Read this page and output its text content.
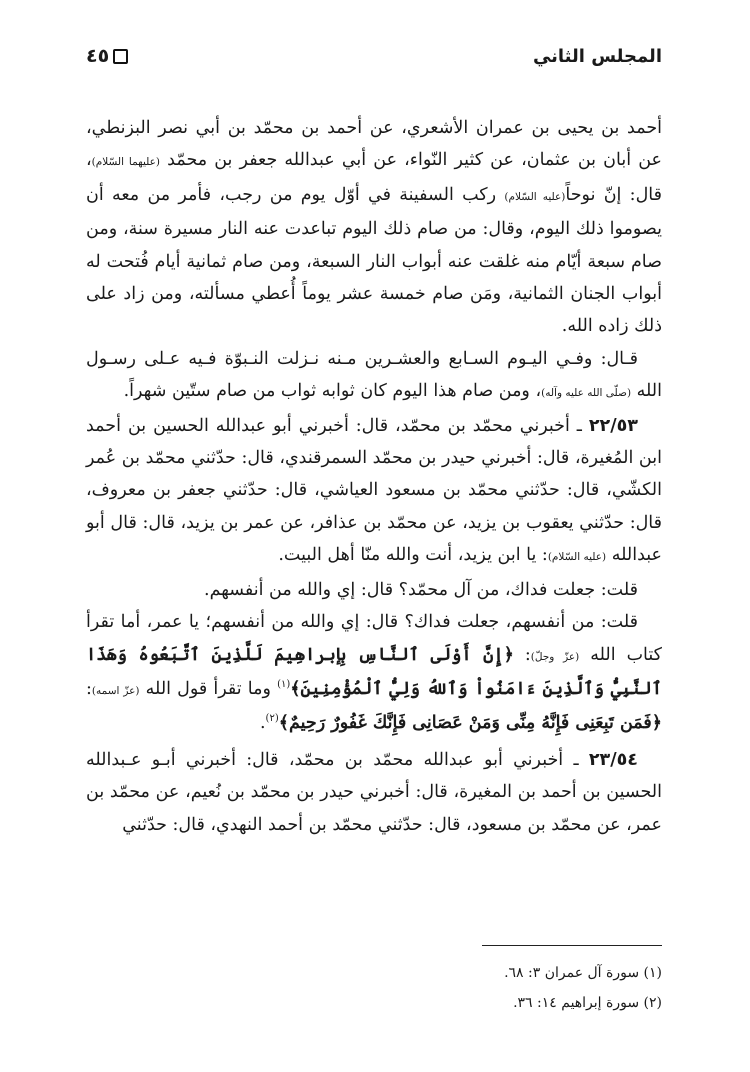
المجلس الثاني
٤٥

أحمد بن يحيى بن عمران الأشعري، عن أحمد بن محمّد بن أبي نصر البزنطي، عن أبان بن عثمان، عن كثير النّواء، عن أبي عبدالله جعفر بن محمّد (عليهما السّلام)، قال: إنّ نوحاً(عليه السّلام) ركب السفينة في أوّل يوم من رجب، فأمر من معه أن يصوموا ذلك اليوم، وقال: من صام ذلك اليوم تباعدت عنه النار مسيرة سنة، ومن صام سبعة أيّام منه غلقت عنه أبواب النار السبعة، ومن صام ثمانية أيام فُتحت له أبواب الجنان الثمانية، ومَن صام خمسة عشر يوماً أُعطي مسألته، ومن زاد على ذلك زاده الله.

قـال: وفـي اليـوم السـابع والعشـرين مـنه نـزلت النـبوّة فـيه عـلى رسـول الله (صلّى الله عليه وآله)، ومن صام هذا اليوم كان ثوابه ثواب من صام ستّين شهراً.

٢٢/٥٣ ـ أخبرني محمّد بن محمّد، قال: أخبرني أبو عبدالله الحسين بن أحمد ابن المُغيرة، قال: أخبرني حيدر بن محمّد السمرقندي، قال: حدّثني محمّد بن عُمر الكشّي، قال: حدّثني محمّد بن مسعود العياشي، قال: حدّثني جعفر بن معروف، قال: حدّثني يعقوب بن يزيد، عن محمّد بن عذافر، عن عمر بن يزيد، قال: قال أبو عبدالله (عليه السّلام): يا ابن يزيد، أنت والله منّا أهل البيت.

قلت: جعلت فداك، من آل محمّد؟ قال: إي والله من أنفسهم.

قلت: من أنفسهم، جعلت فداك؟ قال: إي والله من أنفسهم؛ يا عمر، أما تقرأ كتاب الله (عزّ وجلّ): ﴿إِنَّ أَوْلَى ٱلنَّاسِ بِإبراهِيمَ لَلَّذِينَ ٱتَّبَعُوهُ وَهَذَا ٱلنَّبِيُّ وَٱلَّذِينَ ءَامَنُواْ وَٱللهُ وَلِيُّ ٱلْمُؤْمِنِينَ﴾$^{(١)}$ وما تقرأ قول الله (عزّ اسمه): ﴿فَمَن تَبِعَنِى فَإِنَّهُ مِنِّى وَمَنْ عَصَانِى فَإِنَّكَ غَفُورٌ رَحِيمٌ﴾$^{(٢)}$.

٢٣/٥٤ ـ أخبرني أبو عبدالله محمّد بن محمّد، قال: أخبرني أبـو عـبدالله الحسين بن أحمد بن المغيرة، قال: أخبرني حيدر بن محمّد بن نُعيم، عن محمّد بن عمر، عن محمّد بن مسعود، قال: حدّثني محمّد بن أحمد النهدي، قال: حدّثني

(١) سورة آل عمران ٣: ٦٨.

(٢) سورة إبراهيم ١٤: ٣٦.
